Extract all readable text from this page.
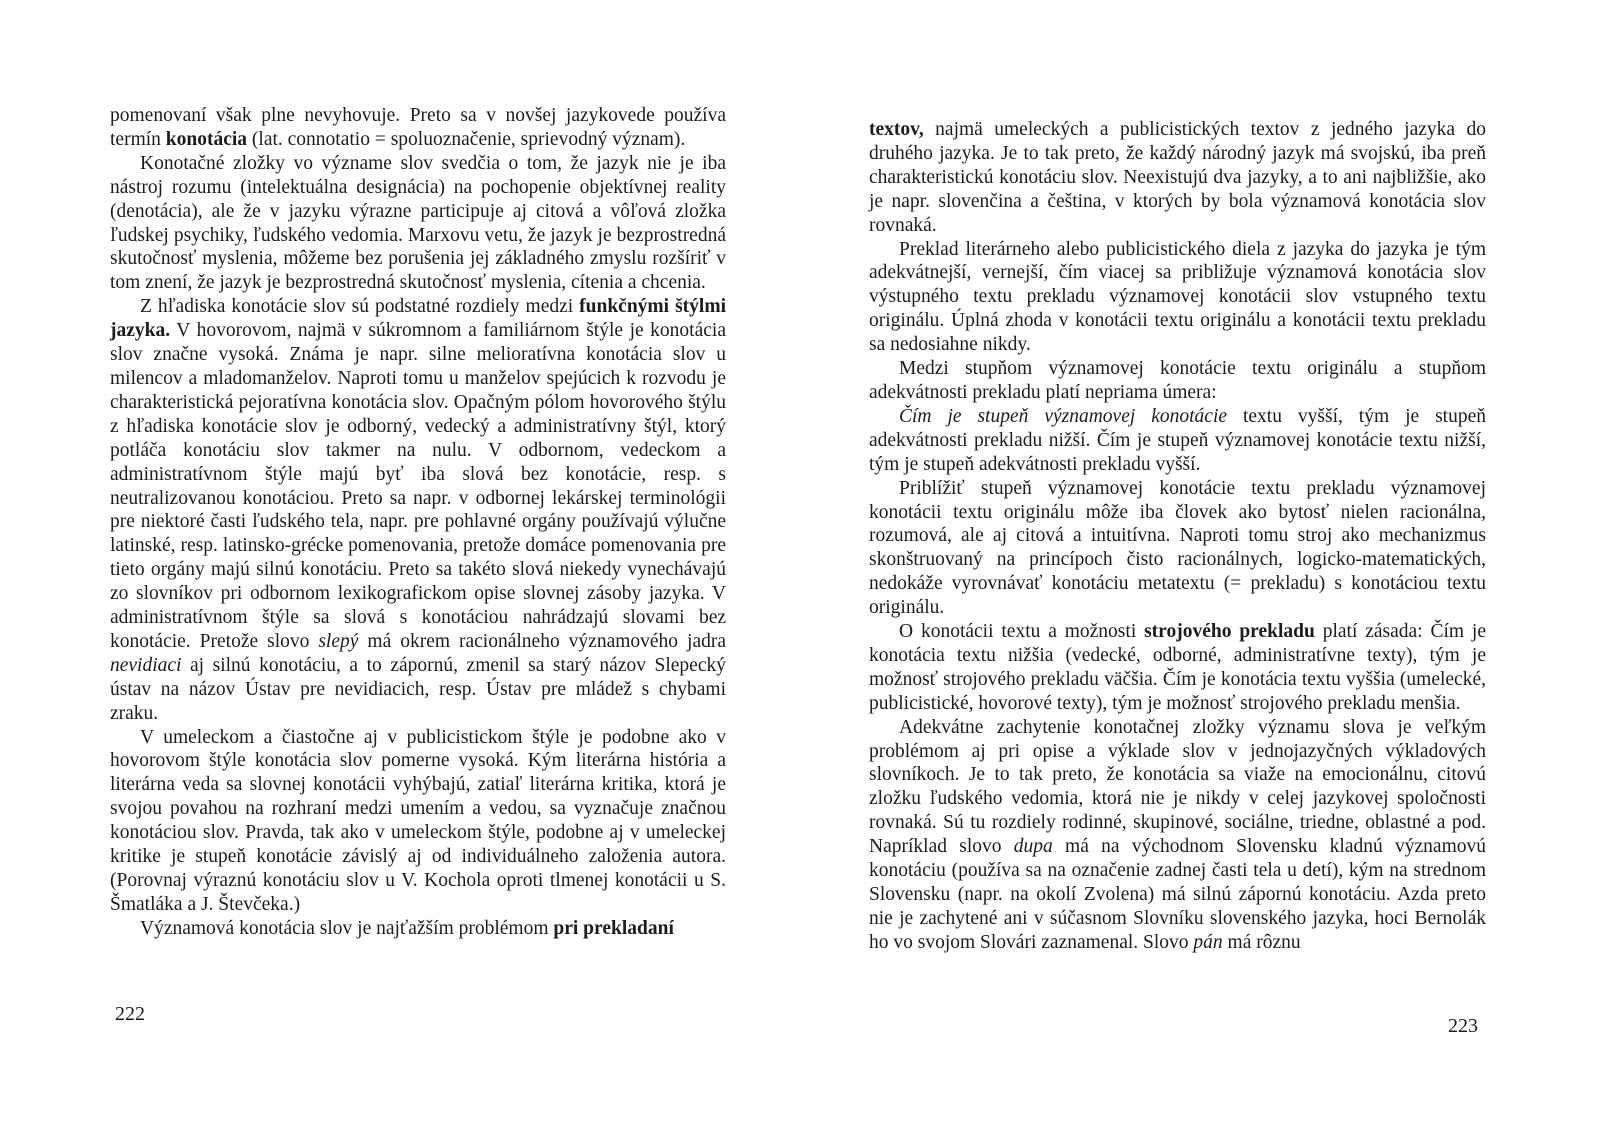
pomenovaní však plne nevyhovuje. Preto sa v novšej jazykovede používa termín konotácia (lat. connotatio = spoluoznačenie, sprievodný význam).

Konotačné zložky vo význame slov svedčia o tom, že jazyk nie je iba nástroj rozumu (intelektuálna designácia) na pochopenie objektívnej reality (denotácia), ale že v jazyku výrazne participuje aj citová a vôľová zložka ľudskej psychiky, ľudského vedomia. Marxovu vetu, že jazyk je bezprostredná skutočnosť myslenia, môžeme bez porušenia jej základného zmyslu rozšíriť v tom znení, že jazyk je bezprostredná skutočnosť myslenia, cítenia a chcenia.

Z hľadiska konotácie slov sú podstatné rozdiely medzi funkčnými štýlmi jazyka. V hovorovom, najmä v súkromnom a familiárnom štýle je konotácia slov značne vysoká. Známa je napr. silne melioratívna konotácia slov u milencov a mladomanželov. Naproti tomu u manželov spejúcich k rozvodu je charakteristická pejoratívna konotácia slov. Opačným pólom hovorového štýlu z hľadiska konotácie slov je odborný, vedecký a administratívny štýl, ktorý potláča konotáciu slov takmer na nulu. V odbornom, vedeckom a administratívnom štýle majú byť iba slová bez konotácie, resp. s neutralizovanou konotáciou. Preto sa napr. v odbornej lekárskej terminológii pre niektoré časti ľudského tela, napr. pre pohlavné orgány používajú výlučne latinské, resp. latinsko-grécke pomenovania, pretože domáce pomenovania pre tieto orgány majú silnú konotáciu. Preto sa takéto slová niekedy vynechávajú zo slovníkov pri odbornom lexikografickom opise slovnej zásoby jazyka. V administratívnom štýle sa slová s konotáciou nahrádzajú slovami bez konotácie. Pretože slovo slepý má okrem racionálneho významového jadra nevidiaci aj silnú konotáciu, a to zápornú, zmenil sa starý názov Slepecký ústav na názov Ústav pre nevidiacich, resp. Ústav pre mládež s chybami zraku.

V umeleckom a čiastočne aj v publicistickom štýle je podobne ako v hovorovom štýle konotácia slov pomerne vysoká. Kým literárna história a literárna veda sa slovnej konotácii vyhýbajú, zatiaľ literárna kritika, ktorá je svojou povahou na rozhraní medzi umením a vedou, sa vyznačuje značnou konotáciou slov. Pravda, tak ako v umeleckom štýle, podobne aj v umeleckej kritike je stupeň konotácie závislý aj od individuálneho založenia autora. (Porovnaj výraznú konotáciu slov u V. Kochola oproti tlmenej konotácii u S. Šmatláka a J. Števčeka.)

Významová konotácia slov je najťažším problémom pri prekladaní

222

textov, najmä umeleckých a publicistických textov z jedného jazyka do druhého jazyka. Je to tak preto, že každý národný jazyk má svojskú, iba preň charakteristickú konotáciu slov. Neexistujú dva jazyky, a to ani najbližšie, ako je napr. slovenčina a čeština, v ktorých by bola významová konotácia slov rovnaká.

Preklad literárneho alebo publicistického diela z jazyka do jazyka je tým adekvátnejší, vernejší, čím viacej sa približuje významová konotácia slov výstupného textu prekladu významovej konotácii slov vstupného textu originálu. Úplná zhoda v konotácii textu originálu a konotácii textu prekladu sa nedosiahne nikdy.

Medzi stupňom významovej konotácie textu originálu a stupňom adekvátnosti prekladu platí nepriama úmera:

Čím je stupeň významovej konotácie textu vyšší, tým je stupeň adekvátnosti prekladu nižší. Čím je stupeň významovej konotácie textu nižší, tým je stupeň adekvátnosti prekladu vyšší.

Priblížiť stupeň významovej konotácie textu prekladu významovej konotácii textu originálu môže iba človek ako bytosť nielen racionálna, rozumová, ale aj citová a intuitívna. Naproti tomu stroj ako mechanizmus skonštruovaný na princípoch čisto racionálnych, logicko-matematických, nedokáže vyrovnávať konotáciu metatextu (= prekladu) s konotáciou textu originálu.

O konotácii textu a možnosti strojového prekladu platí zásada: Čím je konotácia textu nižšia (vedecké, odborné, administratívne texty), tým je možnosť strojového prekladu väčšia. Čím je konotácia textu vyššia (umelecké, publicistické, hovorové texty), tým je možnosť strojového prekladu menšia.

Adekvátne zachytenie konotačnej zložky významu slova je veľkým problémom aj pri opise a výklade slov v jednojazyčných výkladových slovníkoch. Je to tak preto, že konotácia sa viaže na emocionálnu, citovú zložku ľudského vedomia, ktorá nie je nikdy v celej jazykovej spoločnosti rovnaká. Sú tu rozdiely rodinné, skupinové, sociálne, triedne, oblastné a pod. Napríklad slovo dupa má na východnom Slovensku kladnú významovú konotáciu (používa sa na označenie zadnej časti tela u detí), kým na strednom Slovensku (napr. na okolí Zvolena) má silnú zápornú konotáciu. Azda preto nie je zachytené ani v súčasnom Slovníku slovenského jazyka, hoci Bernolák ho vo svojom Slovári zaznamenal. Slovo pán má rôznu

223
